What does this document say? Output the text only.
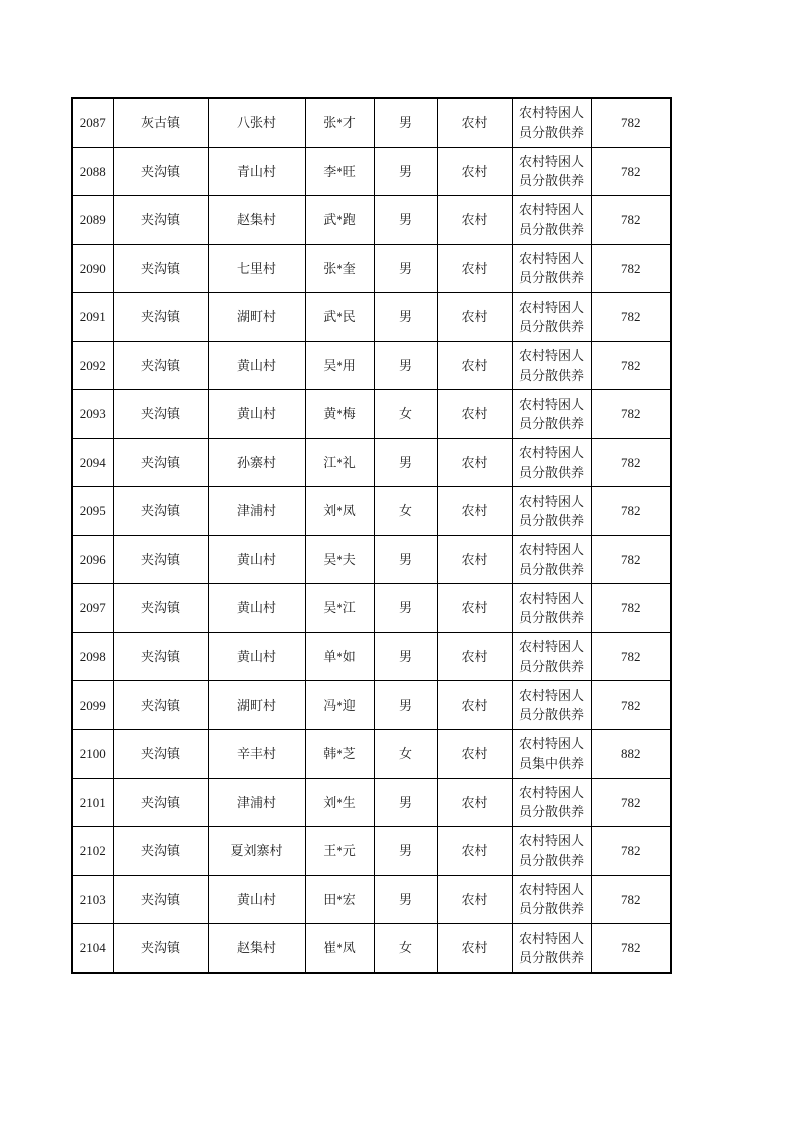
2087	灰古镇	八张村	张*才	男	农村	农村特困人员分散供养	782
2088	夹沟镇	青山村	李*旺	男	农村	农村特困人员分散供养	782
2089	夹沟镇	赵集村	武*跑	男	农村	农村特困人员分散供养	782
2090	夹沟镇	七里村	张*奎	男	农村	农村特困人员分散供养	782
2091	夹沟镇	湖町村	武*民	男	农村	农村特困人员分散供养	782
2092	夹沟镇	黄山村	吴*用	男	农村	农村特困人员分散供养	782
2093	夹沟镇	黄山村	黄*梅	女	农村	农村特困人员分散供养	782
2094	夹沟镇	孙寨村	江*礼	男	农村	农村特困人员分散供养	782
2095	夹沟镇	津浦村	刘*凤	女	农村	农村特困人员分散供养	782
2096	夹沟镇	黄山村	吴*夫	男	农村	农村特困人员分散供养	782
2097	夹沟镇	黄山村	吴*江	男	农村	农村特困人员分散供养	782
2098	夹沟镇	黄山村	单*如	男	农村	农村特困人员分散供养	782
2099	夹沟镇	湖町村	冯*迎	男	农村	农村特困人员分散供养	782
2100	夹沟镇	辛丰村	韩*芝	女	农村	农村特困人员集中供养	882
2101	夹沟镇	津浦村	刘*生	男	农村	农村特困人员分散供养	782
2102	夹沟镇	夏刘寨村	王*元	男	农村	农村特困人员分散供养	782
2103	夹沟镇	黄山村	田*宏	男	农村	农村特困人员分散供养	782
2104	夹沟镇	赵集村	崔*凤	女	农村	农村特困人员分散供养	782
